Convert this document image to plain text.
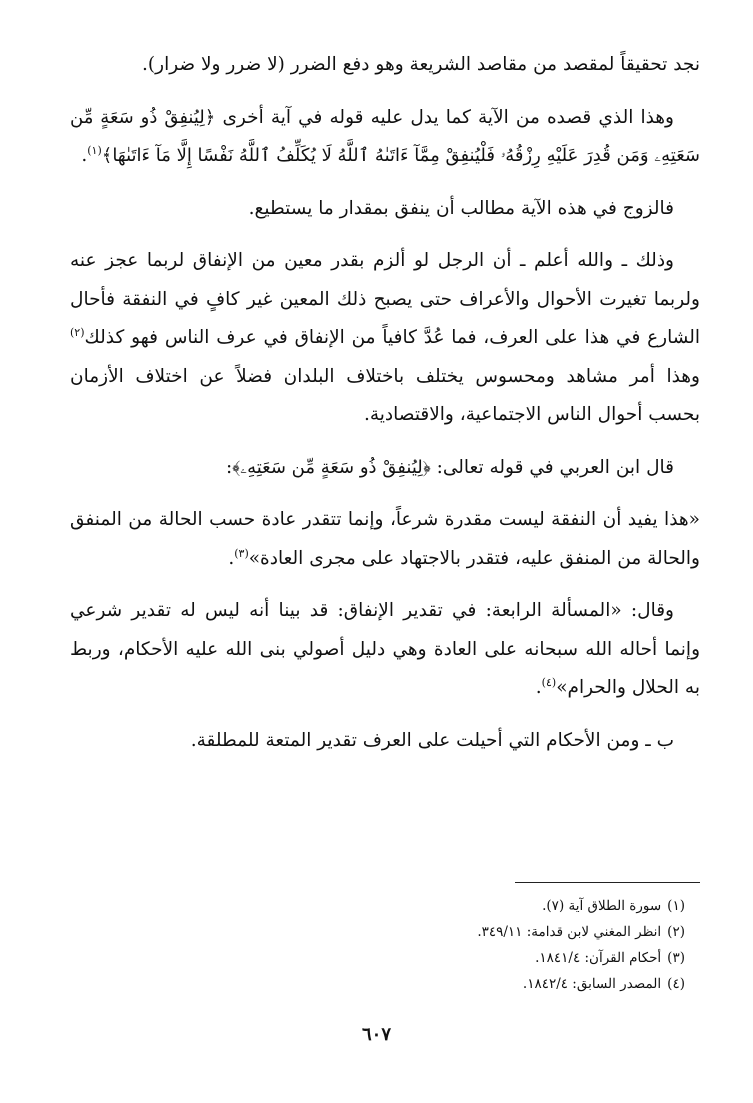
نجد تحقيقاً لمقصد من مقاصد الشريعة وهو دفع الضرر (لا ضرر ولا ضرار).

وهذا الذي قصده من الآية كما يدل عليه قوله في آية أخرى ﴿لِيُنفِقْ ذُو سَعَةٍ مِّن سَعَتِهِۦ وَمَن قُدِرَ عَلَيْهِ رِزْقُهُۥ فَلْيُنفِقْ مِمَّآ ءَاتَىٰهُ ٱللَّهُ لَا يُكَلِّفُ ٱللَّهُ نَفْسًا إِلَّا مَآ ءَاتَىٰهَا﴾$^{(١)}$.

فالزوج في هذه الآية مطالب أن ينفق بمقدار ما يستطيع.

وذلك ـ والله أعلم ـ أن الرجل لو ألزم بقدر معين من الإنفاق لربما عجز عنه ولربما تغيرت الأحوال والأعراف حتى يصبح ذلك المعين غير كافٍ في النفقة فأحال الشارع في هذا على العرف، فما عُدَّ كافياً من الإنفاق في عرف الناس فهو كذلك$^{(٢)}$ وهذا أمر مشاهد ومحسوس يختلف باختلاف البلدان فضلاً عن اختلاف الأزمان بحسب أحوال الناس الاجتماعية، والاقتصادية.

قال ابن العربي في قوله تعالى: ﴿لِيُنفِقْ ذُو سَعَةٍ مِّن سَعَتِهِۦ﴾:

«هذا يفيد أن النفقة ليست مقدرة شرعاً، وإنما تتقدر عادة حسب الحالة من المنفق والحالة من المنفق عليه، فتقدر بالاجتهاد على مجرى العادة»$^{(٣)}$.

وقال: «المسألة الرابعة: في تقدير الإنفاق: قد بينا أنه ليس له تقدير شرعي وإنما أحاله الله سبحانه على العادة وهي دليل أصولي بنى الله عليه الأحكام، وربط به الحلال والحرام»$^{(٤)}$.

ب ـ ومن الأحكام التي أحيلت على العرف تقدير المتعة للمطلقة.

(١)سورة الطلاق آية (٧).
(٢)انظر المغني لابن قدامة: ٣٤٩/١١.
(٣)أحكام القرآن: ١٨٤١/٤.
(٤)المصدر السابق: ١٨٤٢/٤.
٦٠٧
